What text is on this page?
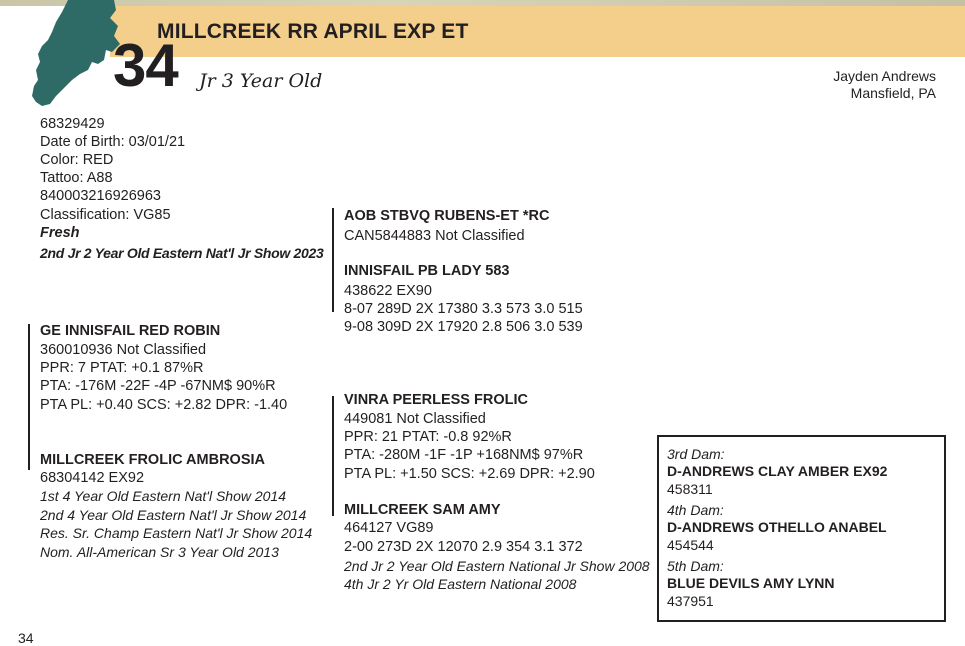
MILLCREEK RR APRIL EXP ET
34 Jr 3 Year Old	Jayden Andrews
Mansfield, PA
68329429
Date of Birth: 03/01/21
Color: RED
Tattoo: A88
840003216926963
Classification: VG85
Fresh
2nd Jr 2 Year Old Eastern Nat'l Jr Show 2023
AOB STBVQ RUBENS-ET *RC
CAN5844883 Not Classified
INNISFAIL PB LADY 583
438622 EX90
8-07 289D 2X 17380 3.3 573 3.0 515
9-08 309D 2X 17920 2.8 506 3.0 539
GE INNISFAIL RED ROBIN
360010936 Not Classified
PPR: 7 PTAT: +0.1 87%R
PTA: -176M -22F -4P -67NM$ 90%R
PTA PL: +0.40 SCS: +2.82 DPR: -1.40	VINRA PEERLESS FROLIC
449081 Not Classified
PPR: 21 PTAT: -0.8 92%R
PTA: -280M -1F -1P +168NM$ 97%R
PTA PL: +1.50 SCS: +2.69 DPR: +2.90
MILLCREEK FROLIC AMBROSIA
68304142 EX92
1st 4 Year Old Eastern Nat'l Show 2014
2nd 4 Year Old Eastern Nat'l Jr Show 2014
Res. Sr. Champ Eastern Nat'l Jr Show 2014
Nom. All-American Sr 3 Year Old 2013
MILLCREEK SAM AMY
464127 VG89
2-00 273D 2X 12070 2.9 354 3.1 372
2nd Jr 2 Year Old Eastern National Jr Show 2008
4th Jr 2 Yr Old Eastern National 2008
3rd Dam:
D-ANDREWS CLAY AMBER EX92
458311
4th Dam:
D-ANDREWS OTHELLO ANABEL
454544
5th Dam:
BLUE DEVILS AMY LYNN
437951
34
